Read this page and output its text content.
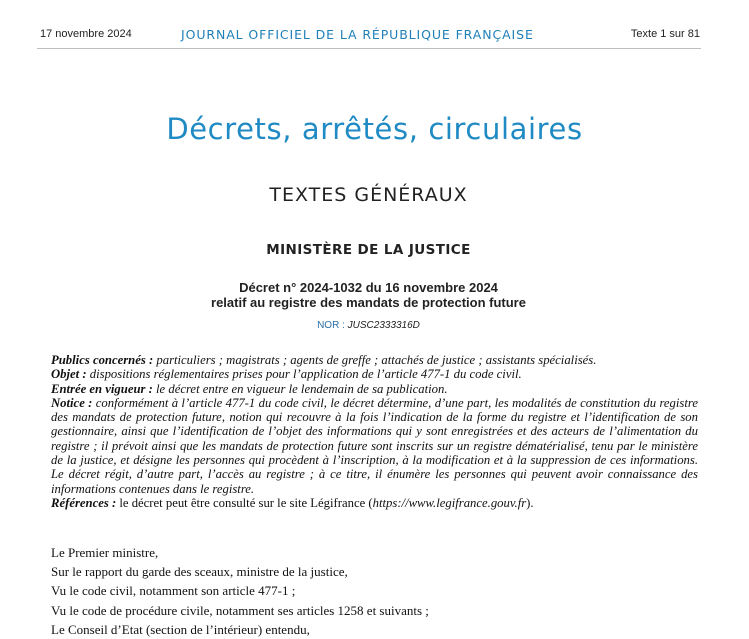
17 novembre 2024	JOURNAL OFFICIEL DE LA RÉPUBLIQUE FRANÇAISE	Texte 1 sur 81
Décrets, arrêtés, circulaires
TEXTES GÉNÉRAUX
MINISTÈRE DE LA JUSTICE
Décret n° 2024-1032 du 16 novembre 2024
relatif au registre des mandats de protection future
NOR : JUSC2333316D

Publics concernés : particuliers ; magistrats ; agents de greffe ; attachés de justice ; assistants spécialisés.

Objet : dispositions réglementaires prises pour l’application de l’article 477-1 du code civil.

Entrée en vigueur : le décret entre en vigueur le lendemain de sa publication.

Notice : conformément à l’article 477-1 du code civil, le décret détermine, d’une part, les modalités de constitution du registre des mandats de protection future, notion qui recouvre à la fois l’indication de la forme du registre et l’identification de son gestionnaire, ainsi que l’identification de l’objet des informations qui y sont enregistrées et des acteurs de l’alimentation du registre ; il prévoit ainsi que les mandats de protection future sont inscrits sur un registre dématérialisé, tenu par le ministère de la justice, et désigne les personnes qui procèdent à l’inscription, à la modification et à la suppression de ces informations. Le décret régit, d’autre part, l’accès au registre ; à ce titre, il énumère les personnes qui peuvent avoir connaissance des informations contenues dans le registre.

Références : le décret peut être consulté sur le site Légifrance (https://www.legifrance.gouv.fr).

Le Premier ministre,

Sur le rapport du garde des sceaux, ministre de la justice,

Vu le code civil, notamment son article 477-1 ;

Vu le code de procédure civile, notamment ses articles 1258 et suivants ;

Le Conseil d’Etat (section de l’intérieur) entendu,
